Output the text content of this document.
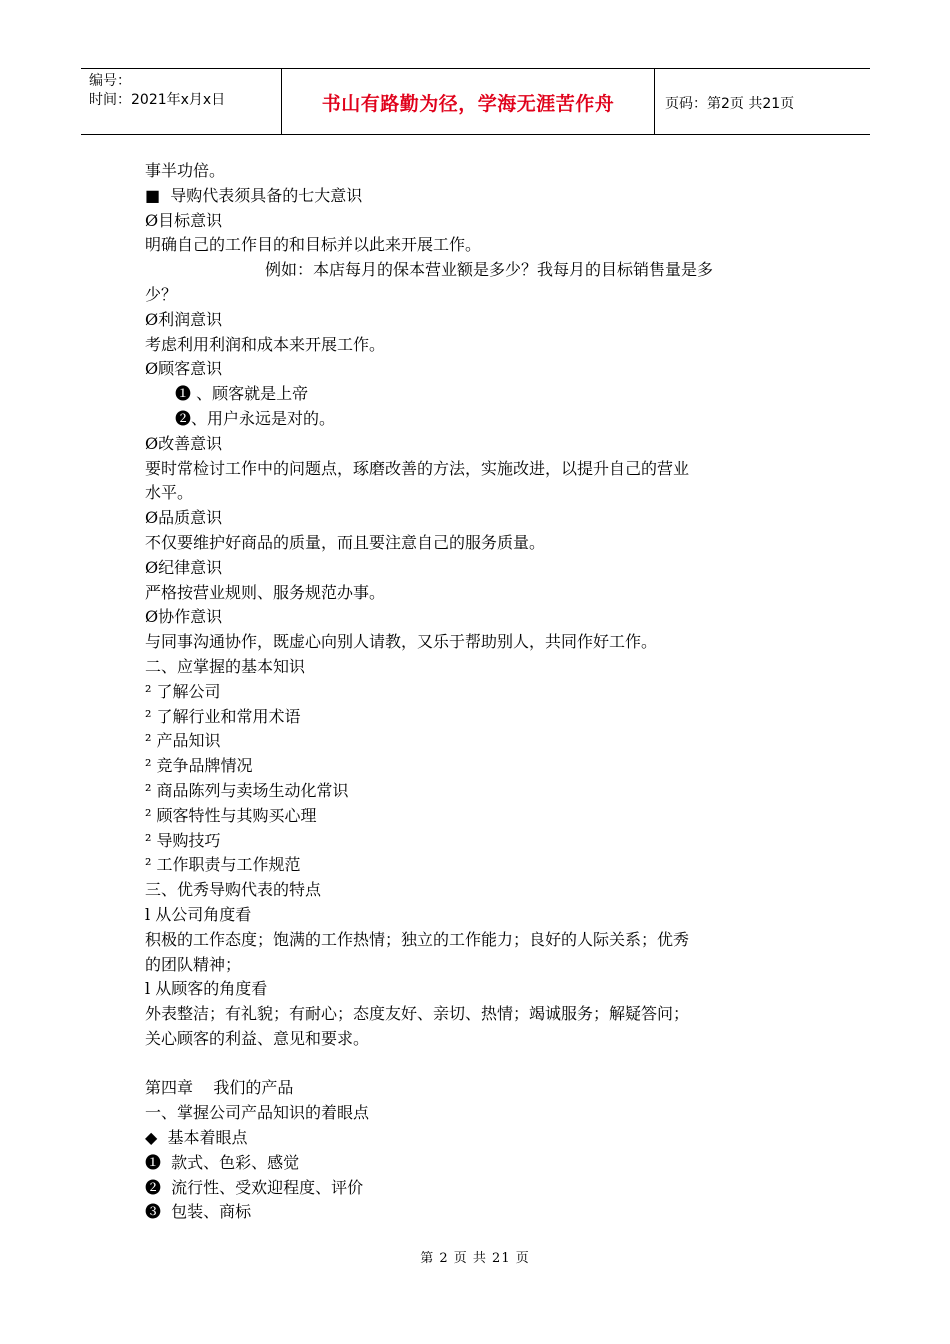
编号：
时间：2021年x月x日	书山有路勤为径，学海无涯苦作舟	页码：第2页 共21页
事半功倍。
■  导购代表须具备的七大意识
Ø目标意识
明确自己的工作目的和目标并以此来开展工作。
例如：本店每月的保本营业额是多少？我每月的目标销售量是多
少？
Ø利润意识
考虑利用利润和成本来开展工作。
Ø顾客意识
❶ 、顾客就是上帝
❷、用户永远是对的。
Ø改善意识
要时常检讨工作中的问题点，琢磨改善的方法，实施改进，以提升自己的营业
水平。
Ø品质意识
不仅要维护好商品的质量，而且要注意自己的服务质量。
Ø纪律意识
严格按营业规则、服务规范办事。
Ø协作意识
与同事沟通协作，既虚心向别人请教，又乐于帮助别人，共同作好工作。
二、应掌握的基本知识
² 了解公司
² 了解行业和常用术语
² 产品知识
² 竞争品牌情况
² 商品陈列与卖场生动化常识
² 顾客特性与其购买心理
² 导购技巧
² 工作职责与工作规范
三、优秀导购代表的特点
l 从公司角度看
积极的工作态度；饱满的工作热情；独立的工作能力；良好的人际关系；优秀
的团队精神；
l 从顾客的角度看
外表整洁；有礼貌；有耐心；态度友好、亲切、热情；竭诚服务；解疑答问；
关心顾客的利益、意见和要求。
第四章    我们的产品
一、掌握公司产品知识的着眼点
◆  基本着眼点
❶  款式、色彩、感觉
❷  流行性、受欢迎程度、评价
❸  包装、商标
第 2 页 共 21 页
